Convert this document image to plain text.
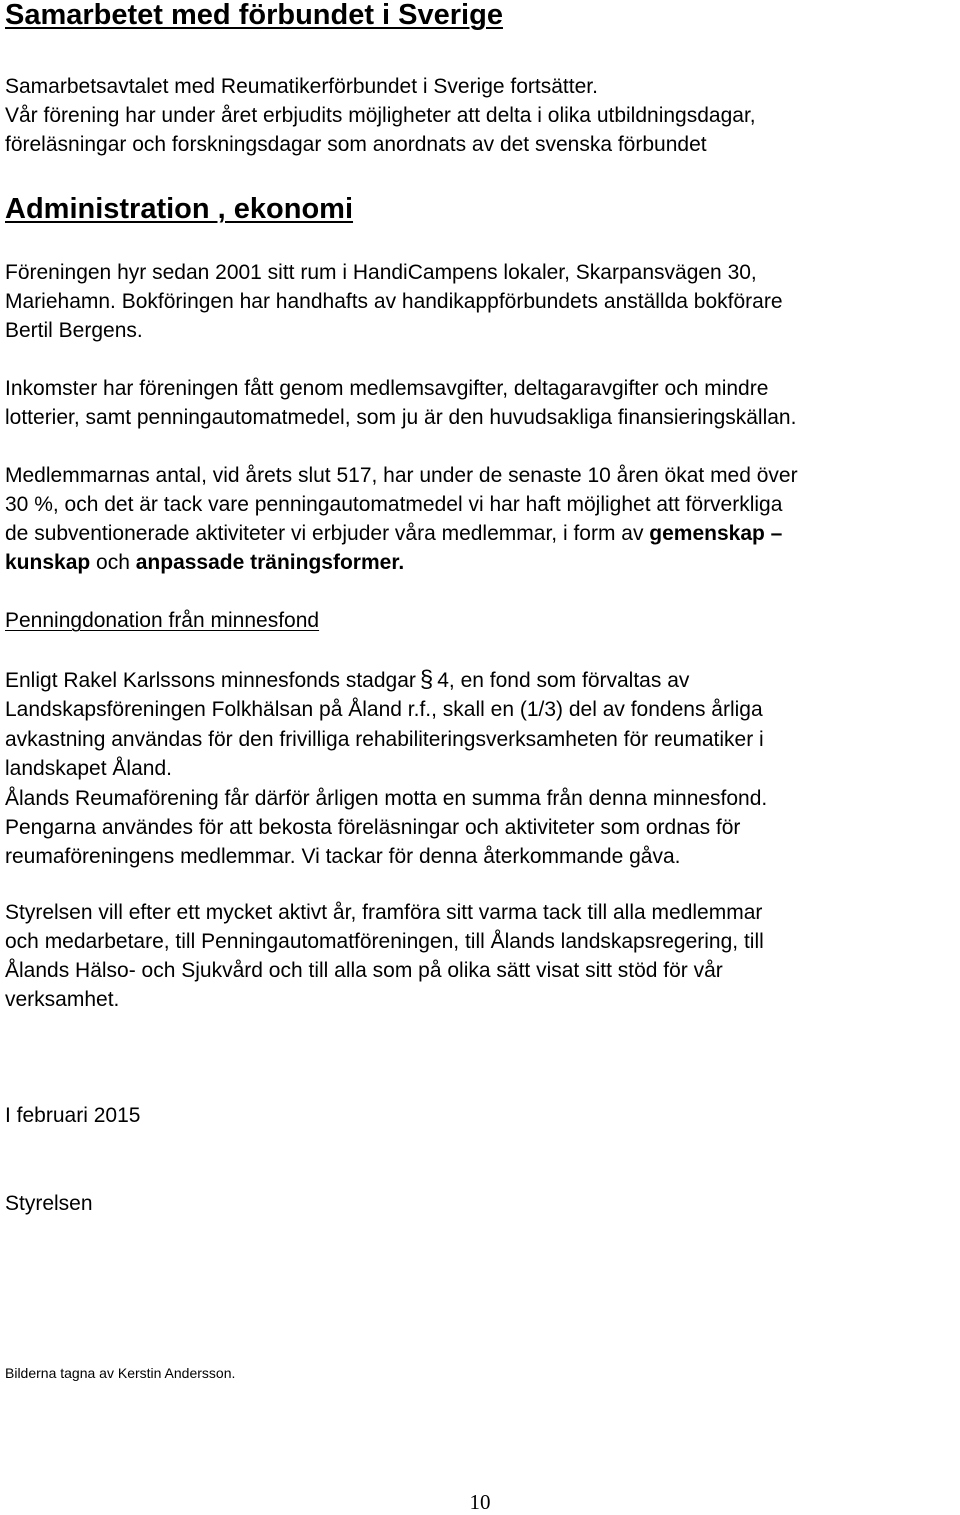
Samarbetet med förbundet i Sverige
Samarbetsavtalet med Reumatikerförbundet i Sverige fortsätter.
Vår förening har under året erbjudits möjligheter att delta i olika utbildningsdagar,
föreläsningar och forskningsdagar som anordnats av det svenska förbundet
Administration , ekonomi
Föreningen hyr sedan 2001 sitt rum i HandiCampens lokaler, Skarpansvägen 30,
Mariehamn. Bokföringen har handhafts av handikappförbundets anställda bokförare
Bertil Bergens.
Inkomster har föreningen fått genom medlemsavgifter, deltagaravgifter och mindre
lotterier, samt penningautomatmedel, som ju är den huvudsakliga finansieringskällan.
Medlemmarnas antal, vid årets slut 517, har under de senaste 10 åren ökat med över
30 %, och det är tack vare penningautomatmedel vi har haft möjlighet att förverkliga
de subventionerade aktiviteter vi erbjuder våra medlemmar, i form av gemenskap –
kunskap och anpassade träningsformer.
Penningdonation från minnesfond
Enligt Rakel Karlssons minnesfonds stadgar § 4, en fond som förvaltas av
Landskapsföreningen Folkhälsan på Åland r.f., skall en (1/3) del av fondens årliga
avkastning användas för den frivilliga rehabiliteringsverksamheten för reumatiker i
landskapet Åland.
Ålands Reumaförening får därför årligen motta en summa från denna minnesfond.
Pengarna användes för att bekosta föreläsningar och aktiviteter som ordnas för
reumaföreningens medlemmar. Vi tackar för denna återkommande gåva.
Styrelsen vill efter ett mycket aktivt år, framföra sitt varma tack till alla medlemmar
och medarbetare, till Penningautomatföreningen, till Ålands landskapsregering, till
Ålands Hälso- och Sjukvård och till alla som på olika sätt visat sitt stöd för vår
verksamhet.
I februari 2015
Styrelsen
Bilderna tagna av Kerstin Andersson.
10
